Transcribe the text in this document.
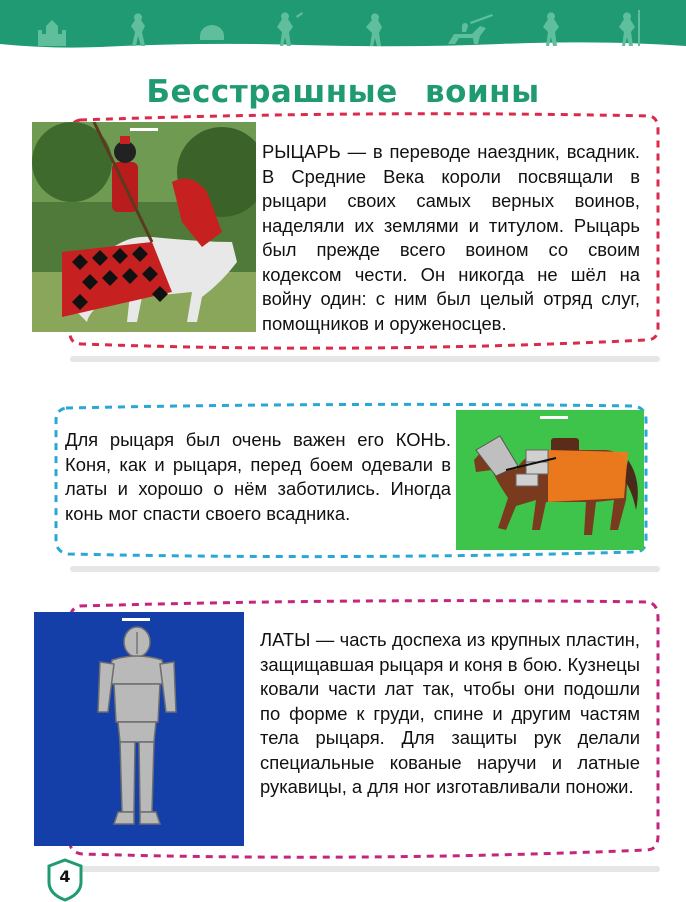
Бесстрашные воины
РЫЦАРЬ — в переводе наездник, всадник. В Средние Века короли посвящали в рыцари своих самых верных воинов, наделяли их землями и титулом. Рыцарь был прежде всего воином со своим кодексом чести. Он никогда не шёл на войну один: с ним был целый отряд слуг, помощников и оруженосцев.
Для рыцаря был очень важен его КОНЬ. Коня, как и рыцаря, перед боем одевали в латы и хорошо о нём заботились. Иногда конь мог спасти своего всадника.
ЛАТЫ — часть доспеха из крупных пластин, защищавшая рыцаря и коня в бою. Кузнецы ковали части лат так, чтобы они подошли по форме к груди, спине и другим частям тела рыцаря. Для защиты рук делали специальные кованые наручи и латные рукавицы, а для ног изготавливали поножи.
4
